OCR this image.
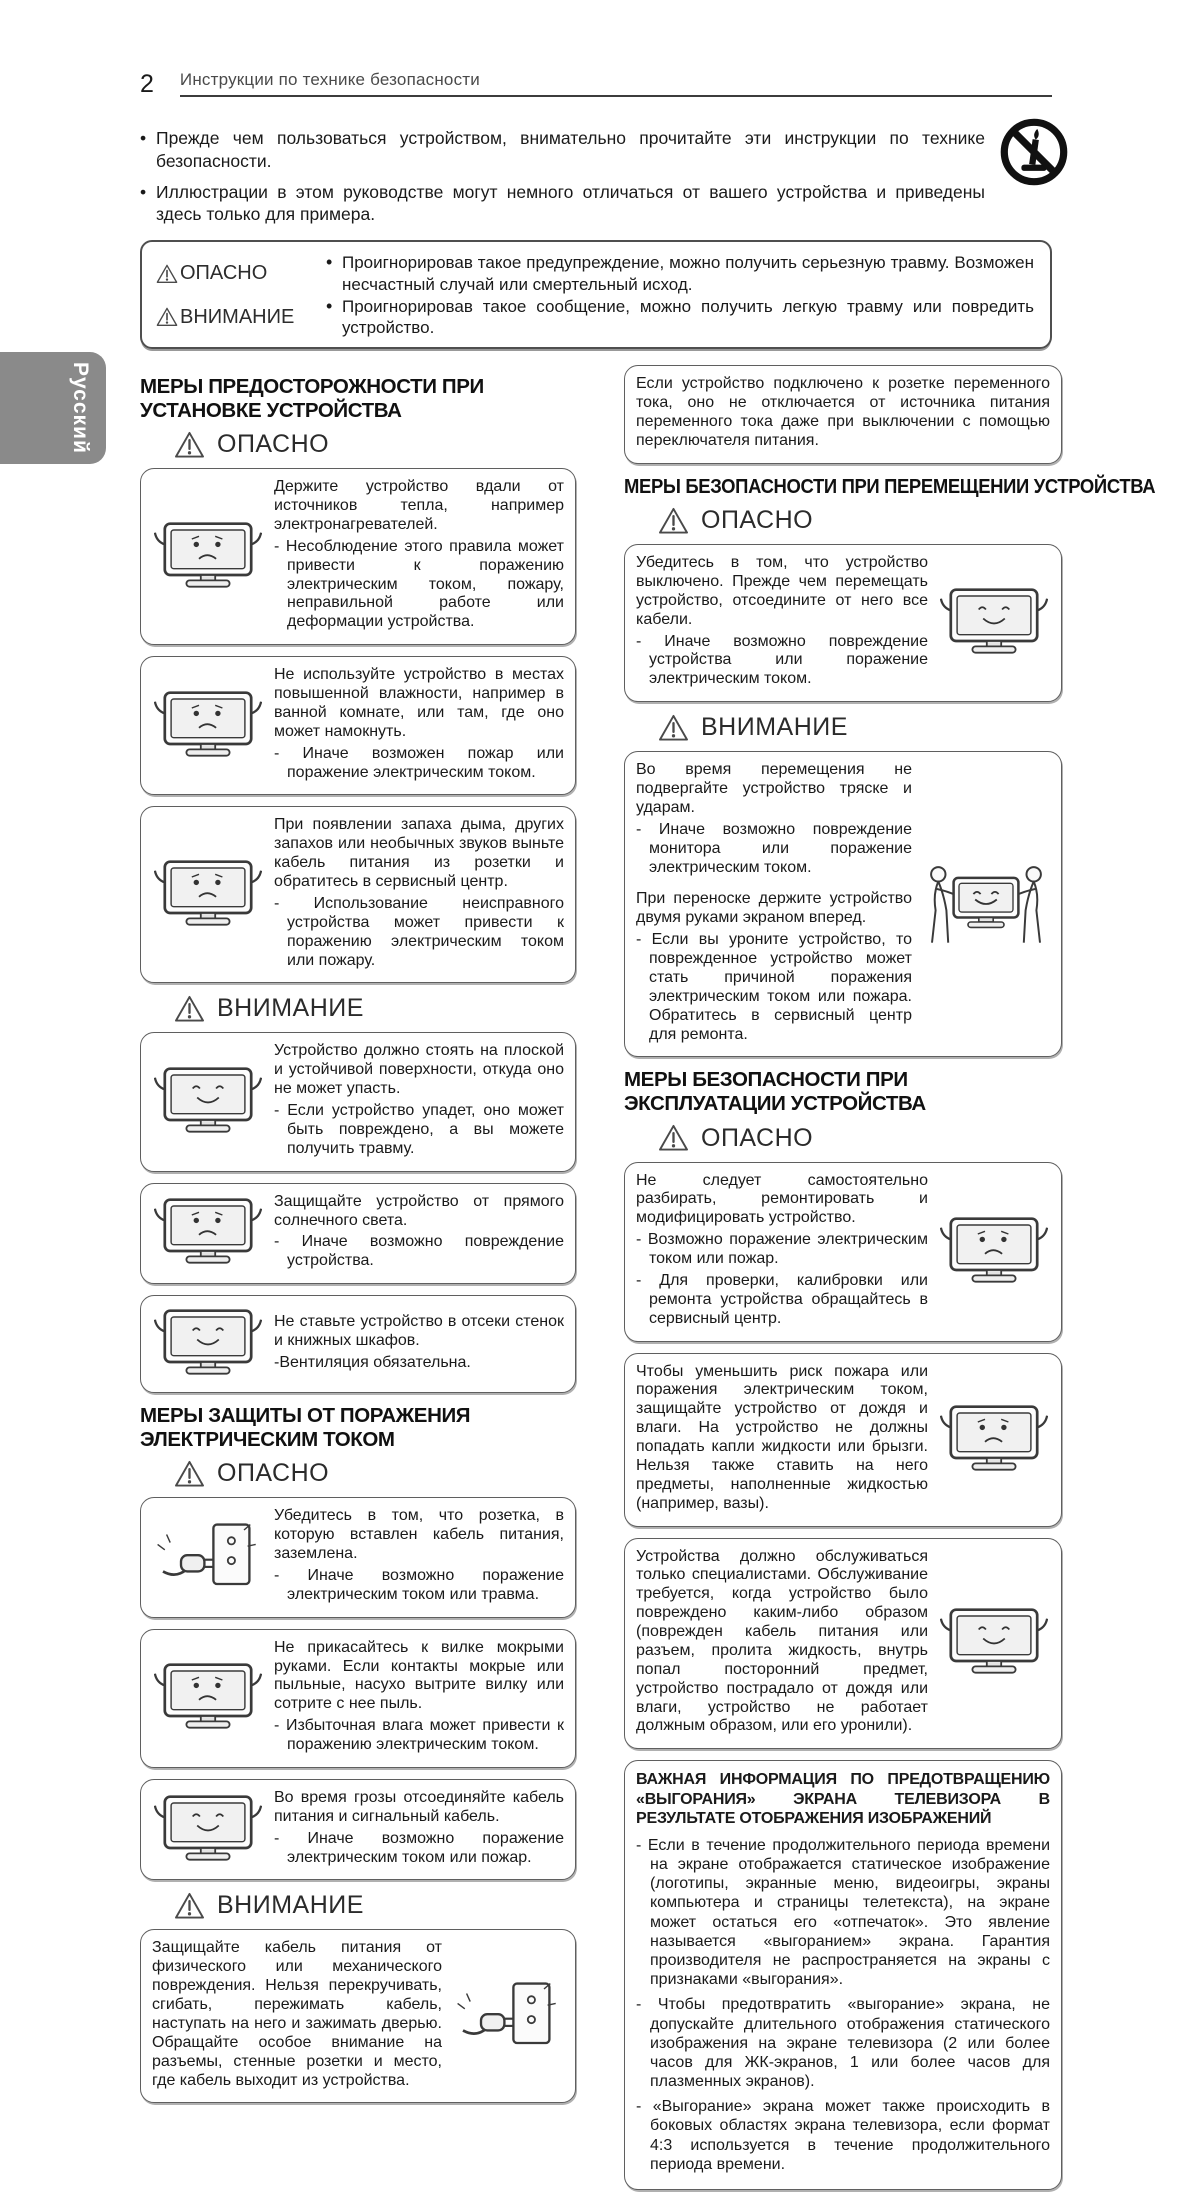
Русский
2 Инструкции по технике безопасности
• Прежде чем пользоваться устройством, внимательно прочитайте эти инструкции по технике безопасности.
• Иллюстрации в этом руководстве могут немного отличаться от вашего устройства и приведены здесь только для примера.
ОПАСНО	• Проигнорировав такое предупреждение, можно получить серьезную травму. Возможен несчастный случай или смертельный исход.
ВНИМАНИЕ	• Проигнорировав такое сообщение, можно получить легкую травму или повредить устройство.
МЕРЫ ПРЕДОСТОРОЖНОСТИ ПРИ УСТАНОВКЕ УСТРОЙСТВА
ОПАСНО

Держите устройство вдали от источников тепла, например электронагревателей.

- Несоблюдение этого правила может привести к поражению электрическим током, пожару, неправильной работе или деформации устройства.

Не используйте устройство в местах повышенной влажности, например в ванной комнате, или там, где оно может намокнуть.

- Иначе возможен пожар или поражение электрическим током.

При появлении запаха дыма, других запахов или необычных звуков выньте кабель питания из розетки и обратитесь в сервисный центр.

- Использование неисправного устройства может привести к поражению электрическим током или пожару.

ВНИМАНИЕ

Устройство должно стоять на плоской и устойчивой поверхности, откуда оно не может упасть.

- Если устройство упадет, оно может быть повреждено, а вы можете получить травму.

Защищайте устройство от прямого солнечного света.

- Иначе возможно повреждение устройства.

Не ставьте устройство в отсеки стенок и книжных шкафов.

-Вентиляция обязательна.

МЕРЫ ЗАЩИТЫ ОТ ПОРАЖЕНИЯ ЭЛЕКТРИЧЕСКИМ ТОКОМ
ОПАСНО

Убедитесь в том, что розетка, в которую вставлен кабель питания, заземлена.

- Иначе возможно поражение электрическим током или травма.

Не прикасайтесь к вилке мокрыми руками. Если контакты мокрые или пыльные, насухо вытрите вилку или сотрите с нее пыль.

- Избыточная влага может привести к поражению электрическим током.

Во время грозы отсоединяйте кабель питания и сигнальный кабель.

- Иначе возможно поражение электрическим током или пожар.

ВНИМАНИЕ

Защищайте кабель питания от физического или механического повреждения. Нельзя перекручивать, сгибать, пережимать кабель, наступать на него и зажимать дверью. Обращайте особое внимание на разъемы, стенные розетки и место, где кабель выходит из устройства.

Если устройство подключено к розетке переменного тока, оно не отключается от источника питания переменного тока даже при выключении с помощью переключателя питания.

МЕРЫ БЕЗОПАСНОСТИ ПРИ ПЕРЕМЕЩЕНИИ УСТРОЙСТВА
ОПАСНО

Убедитесь в том, что устройство выключено. Прежде чем перемещать устройство, отсоедините от него все кабели.

- Иначе возможно повреждение устройства или поражение электрическим током.

ВНИМАНИЕ

Во время перемещения не подвергайте устройство тряске и ударам.

- Иначе возможно повреждение монитора или поражение электрическим током.

При переноске держите устройство двумя руками экраном вперед.

- Если вы уроните устройство, то поврежденное устройство может стать причиной поражения электрическим током или пожара. Обратитесь в сервисный центр для ремонта.

МЕРЫ БЕЗОПАСНОСТИ ПРИ ЭКСПЛУАТАЦИИ УСТРОЙСТВА
ОПАСНО

Не следует самостоятельно разбирать, ремонтировать и модифицировать устройство.

- Возможно поражение электрическим током или пожар.

- Для проверки, калибровки или ремонта устройства обращайтесь в сервисный центр.

Чтобы уменьшить риск пожара или поражения электрическим током, защищайте устройство от дождя и влаги. На устройство не должны попадать капли жидкости или брызги. Нельзя также ставить на него предметы, наполненные жидкостью (например, вазы).

Устройства должно обслуживаться только специалистами. Обслуживание требуется, когда устройство было повреждено каким-либо образом (поврежден кабель питания или разъем, пролита жидкость, внутрь попал посторонний предмет, устройство пострадало от дождя или влаги, устройство не работает должным образом, или его уронили).

ВАЖНАЯ ИНФОРМАЦИЯ ПО ПРЕДОТВРАЩЕНИЮ «ВЫГОРАНИЯ» ЭКРАНА ТЕЛЕВИЗОРА В РЕЗУЛЬТАТЕ ОТОБРАЖЕНИЯ ИЗОБРАЖЕНИЙ

- Если в течение продолжительного периода времени на экране отображается статическое изображение (логотипы, экранные меню, видеоигры, экраны компьютера и страницы телетекста), на экране может остаться его «отпечаток». Это явление называется «выгоранием» экрана. Гарантия производителя не распространяется на экраны с признаками «выгорания».

- Чтобы предотвратить «выгорание» экрана, не допускайте длительного отображения статического изображения на экране телевизора (2 или более часов для ЖК-экранов, 1 или более часов для плазменных экранов).

- «Выгорание» экрана может также происходить в боковых областях экрана телевизора, если формат 4:3 используется в течение продолжительного периода времени.
